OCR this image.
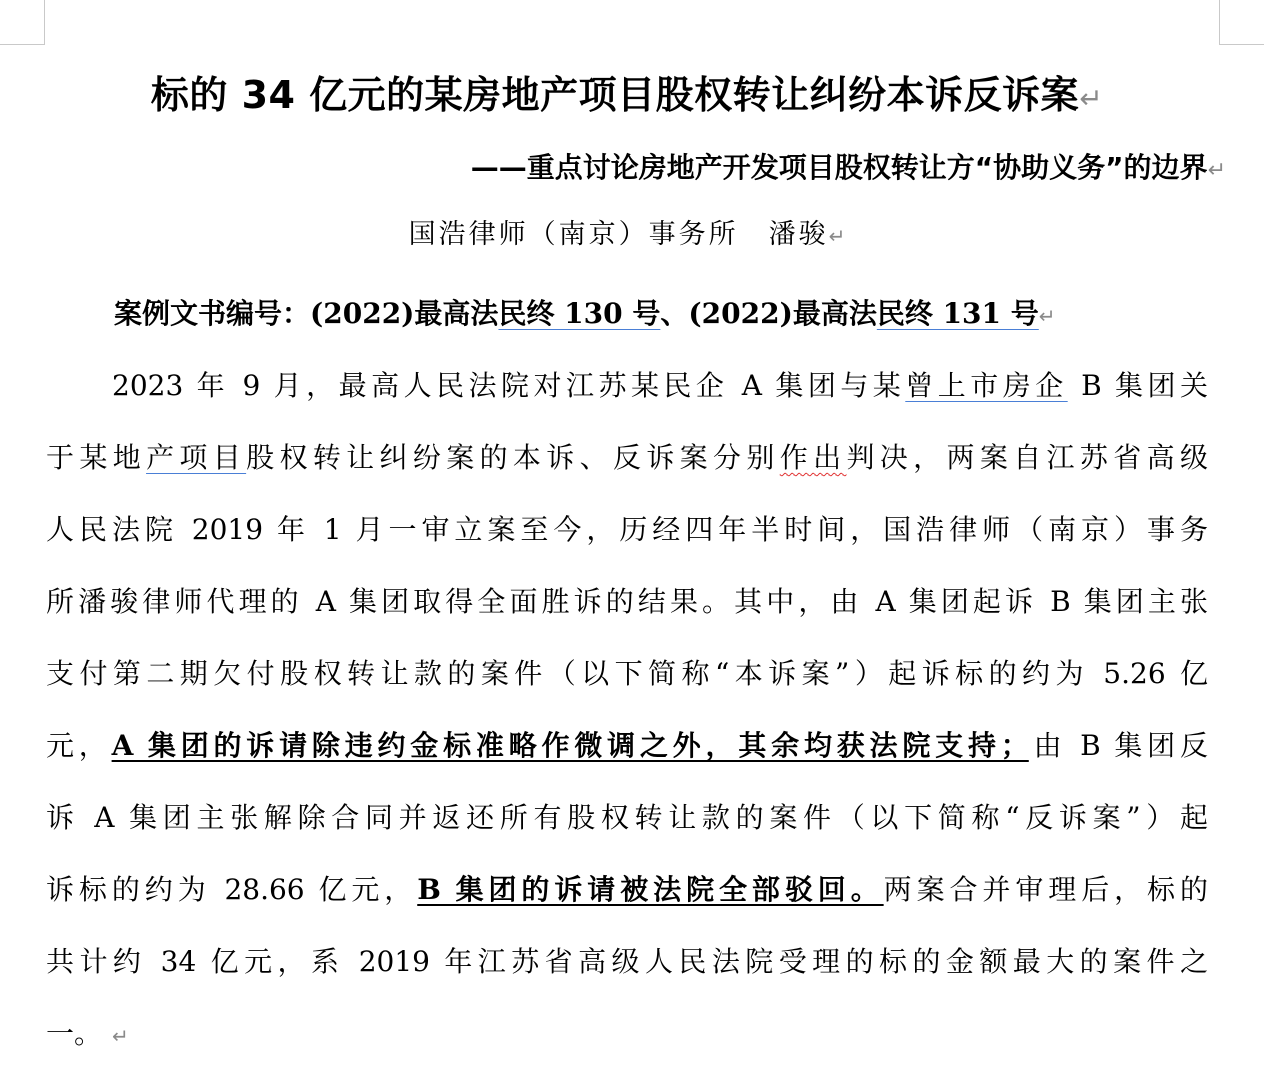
标的 34 亿元的某房地产项目股权转让纠纷本诉反诉案↵
——重点讨论房地产开发项目股权转让方“协助义务”的边界↵
国浩律师（南京）事务所　潘骏↵
案例文书编号：(2022)最高法民终 130 号、(2022)最高法民终 131 号↵
2023 年 9 月，最高人民法院对江苏某民企 A 集团与某曾上市房企 B 集团关
于某地产项目股权转让纠纷案的本诉、反诉案分别作出判决，两案自江苏省高级
人民法院 2019 年 1 月一审立案至今，历经四年半时间，国浩律师（南京）事务
所潘骏律师代理的 A 集团取得全面胜诉的结果。其中，由 A 集团起诉 B 集团主张
支付第二期欠付股权转让款的案件（以下简称“本诉案”）起诉标的约为 5.26 亿
元，A 集团的诉请除违约金标准略作微调之外，其余均获法院支持；由 B 集团反
诉 A 集团主张解除合同并返还所有股权转让款的案件（以下简称“反诉案”）起
诉标的约为 28.66 亿元，B 集团的诉请被法院全部驳回。两案合并审理后，标的
共计约 34 亿元，系 2019 年江苏省高级人民法院受理的标的金额最大的案件之
一。 ↵
